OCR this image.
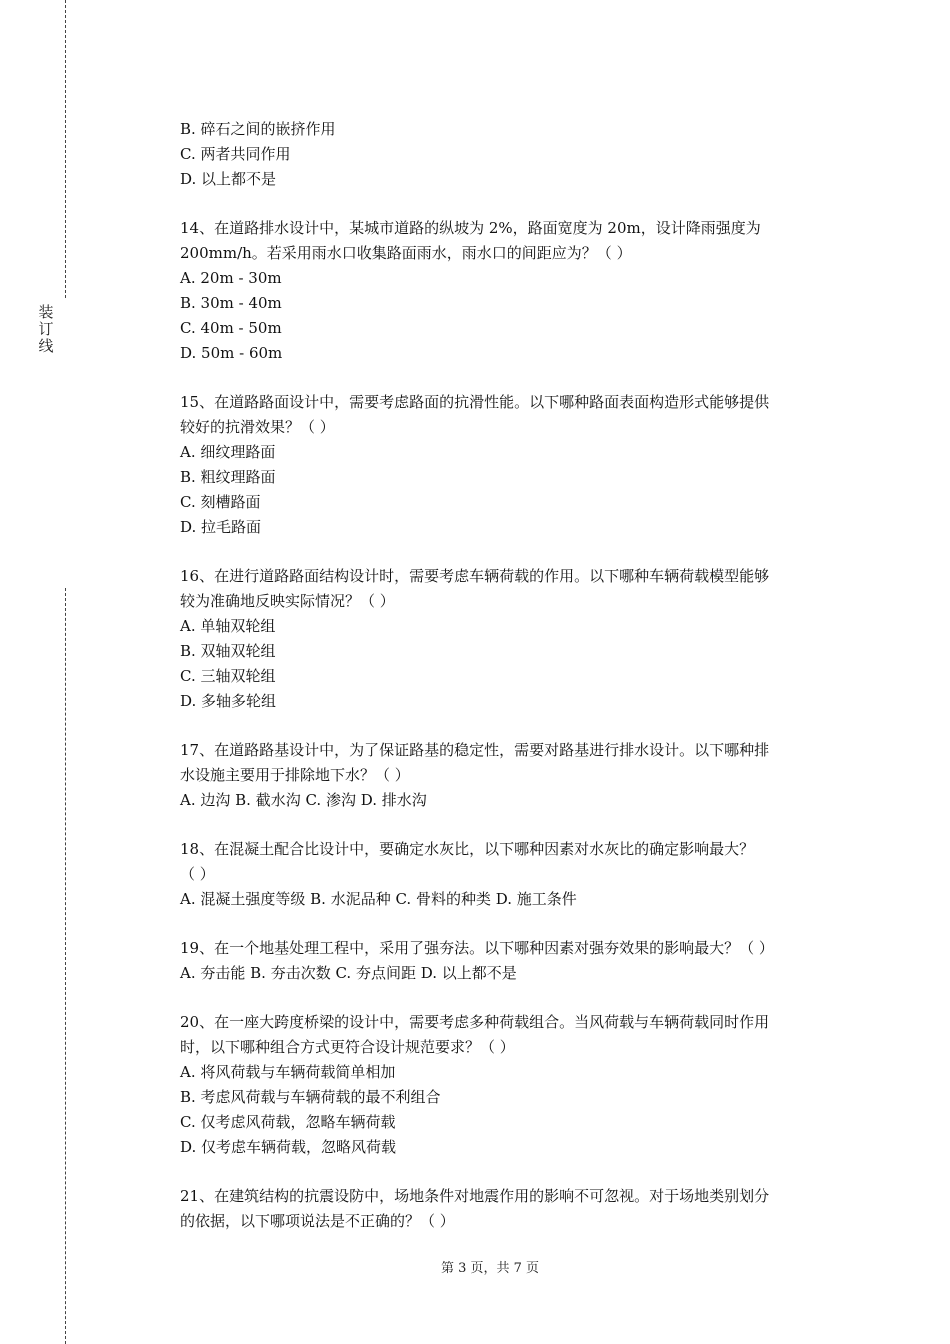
装
订
线
B. 碎石之间的嵌挤作用
C. 两者共同作用
D. 以上都不是
14、在道路排水设计中，某城市道路的纵坡为 2%，路面宽度为 20m，设计降雨强度为
200mm/h。若采用雨水口收集路面雨水，雨水口的间距应为？（ ）
A. 20m - 30m
B. 30m - 40m
C. 40m - 50m
D. 50m - 60m
15、在道路路面设计中，需要考虑路面的抗滑性能。以下哪种路面表面构造形式能够提供
较好的抗滑效果？（ ）
A. 细纹理路面
B. 粗纹理路面
C. 刻槽路面
D. 拉毛路面
16、在进行道路路面结构设计时，需要考虑车辆荷载的作用。以下哪种车辆荷载模型能够
较为准确地反映实际情况？（ ）
A. 单轴双轮组
B. 双轴双轮组
C. 三轴双轮组
D. 多轴多轮组
17、在道路路基设计中，为了保证路基的稳定性，需要对路基进行排水设计。以下哪种排
水设施主要用于排除地下水？（ ）
A. 边沟 B. 截水沟 C. 渗沟 D. 排水沟
18、在混凝土配合比设计中，要确定水灰比，以下哪种因素对水灰比的确定影响最大？
（ ）
A. 混凝土强度等级 B. 水泥品种 C. 骨料的种类 D. 施工条件
19、在一个地基处理工程中，采用了强夯法。以下哪种因素对强夯效果的影响最大？（ ）
A. 夯击能 B. 夯击次数 C. 夯点间距 D. 以上都不是
20、在一座大跨度桥梁的设计中，需要考虑多种荷载组合。当风荷载与车辆荷载同时作用
时，以下哪种组合方式更符合设计规范要求？（ ）
A. 将风荷载与车辆荷载简单相加
B. 考虑风荷载与车辆荷载的最不利组合
C. 仅考虑风荷载，忽略车辆荷载
D. 仅考虑车辆荷载，忽略风荷载
21、在建筑结构的抗震设防中，场地条件对地震作用的影响不可忽视。对于场地类别划分
的依据，以下哪项说法是不正确的？（ ）
第 3 页，共 7 页
